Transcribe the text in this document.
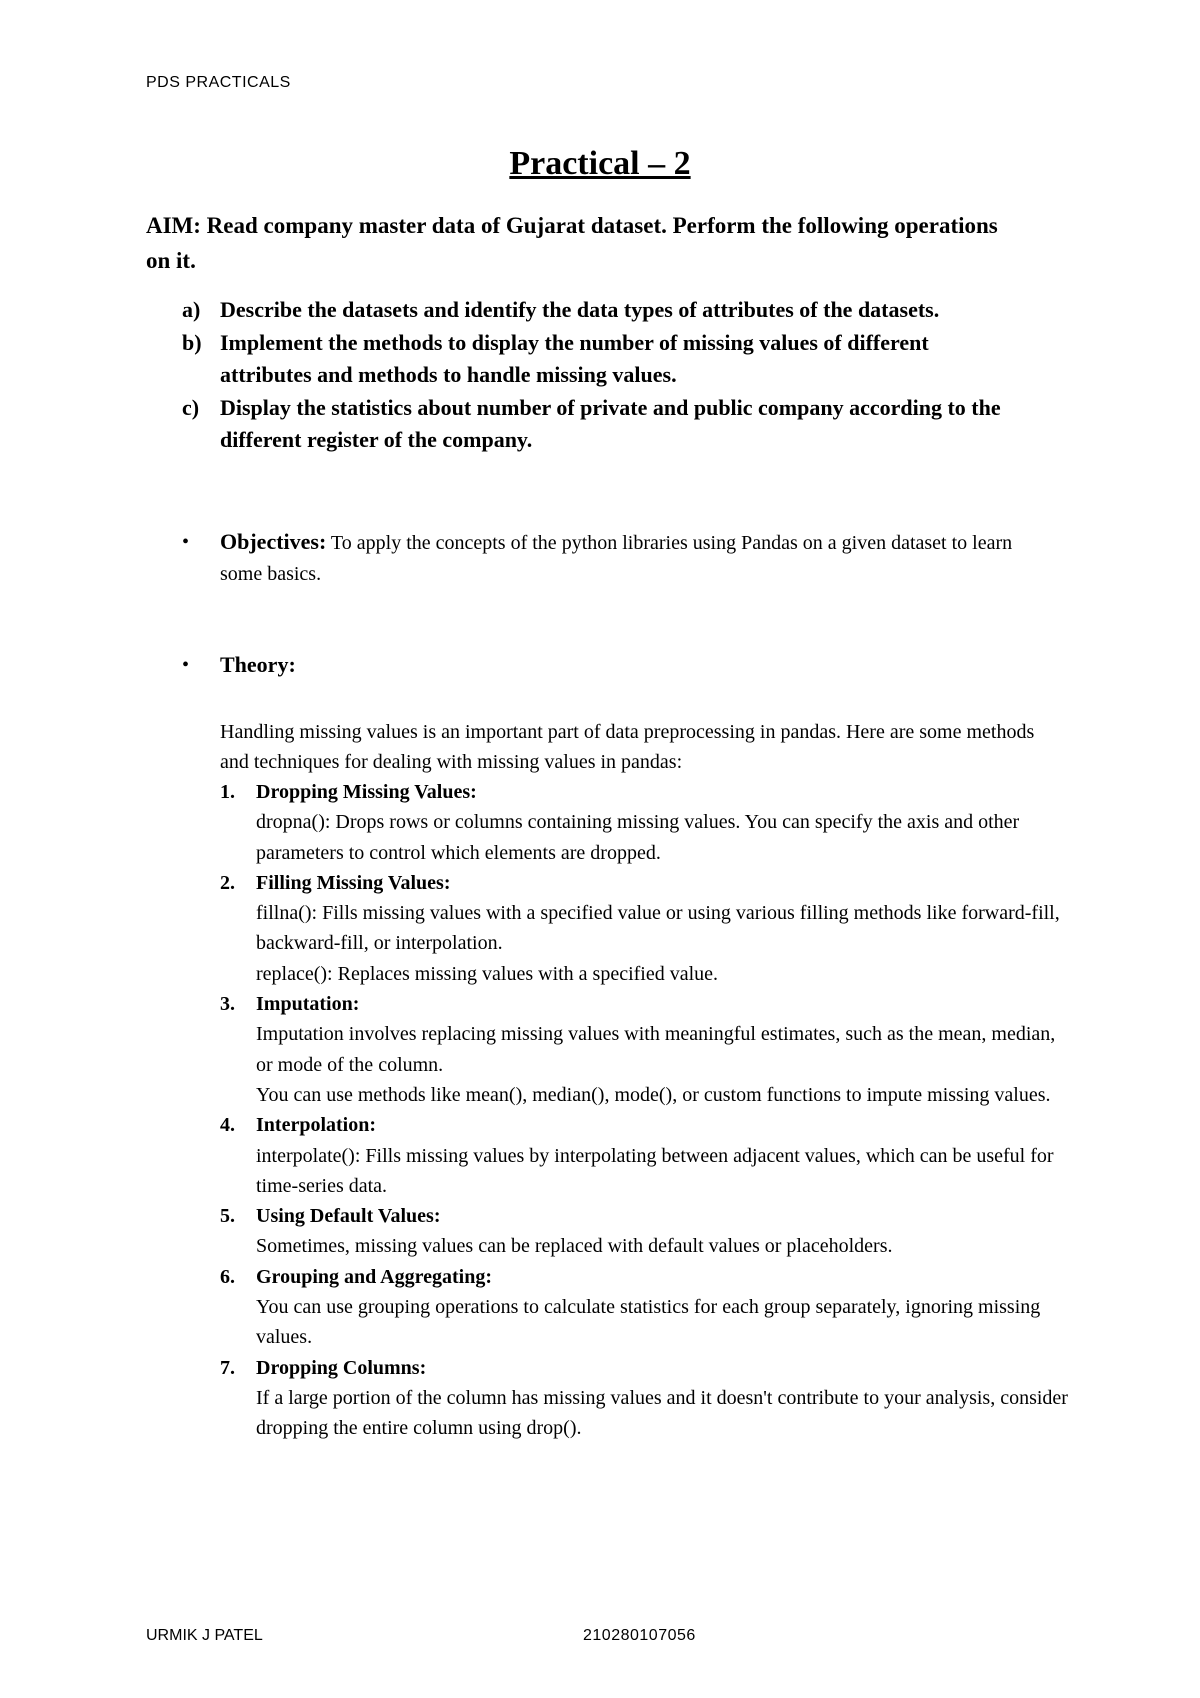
PDS PRACTICALS
Practical – 2
AIM: Read company master data of Gujarat dataset. Perform the following operations on it.
a) Describe the datasets and identify the data types of attributes of the datasets.
b) Implement the methods to display the number of missing values of different attributes and methods to handle missing values.
c) Display the statistics about number of private and public company according to the different register of the company.
•	Objectives: To apply the concepts of the python libraries using Pandas on a given dataset to learn some basics.
•	Theory:
Handling missing values is an important part of data preprocessing in pandas. Here are some methods and techniques for dealing with missing values in pandas:
1.	Dropping Missing Values:
dropna(): Drops rows or columns containing missing values. You can specify the axis and other parameters to control which elements are dropped.
2.	Filling Missing Values:
fillna(): Fills missing values with a specified value or using various filling methods like forward-fill, backward-fill, or interpolation.
replace(): Replaces missing values with a specified value.
3.	Imputation:
Imputation involves replacing missing values with meaningful estimates, such as the mean, median, or mode of the column.
You can use methods like mean(), median(), mode(), or custom functions to impute missing values.
4.	Interpolation:
interpolate(): Fills missing values by interpolating between adjacent values, which can be useful for time-series data.
5.	Using Default Values:
Sometimes, missing values can be replaced with default values or placeholders.
6.	Grouping and Aggregating:
You can use grouping operations to calculate statistics for each group separately, ignoring missing values.
7.	Dropping Columns:
If a large portion of the column has missing values and it doesn't contribute to your analysis, consider dropping the entire column using drop().
URMIK J PATEL	210280107056
